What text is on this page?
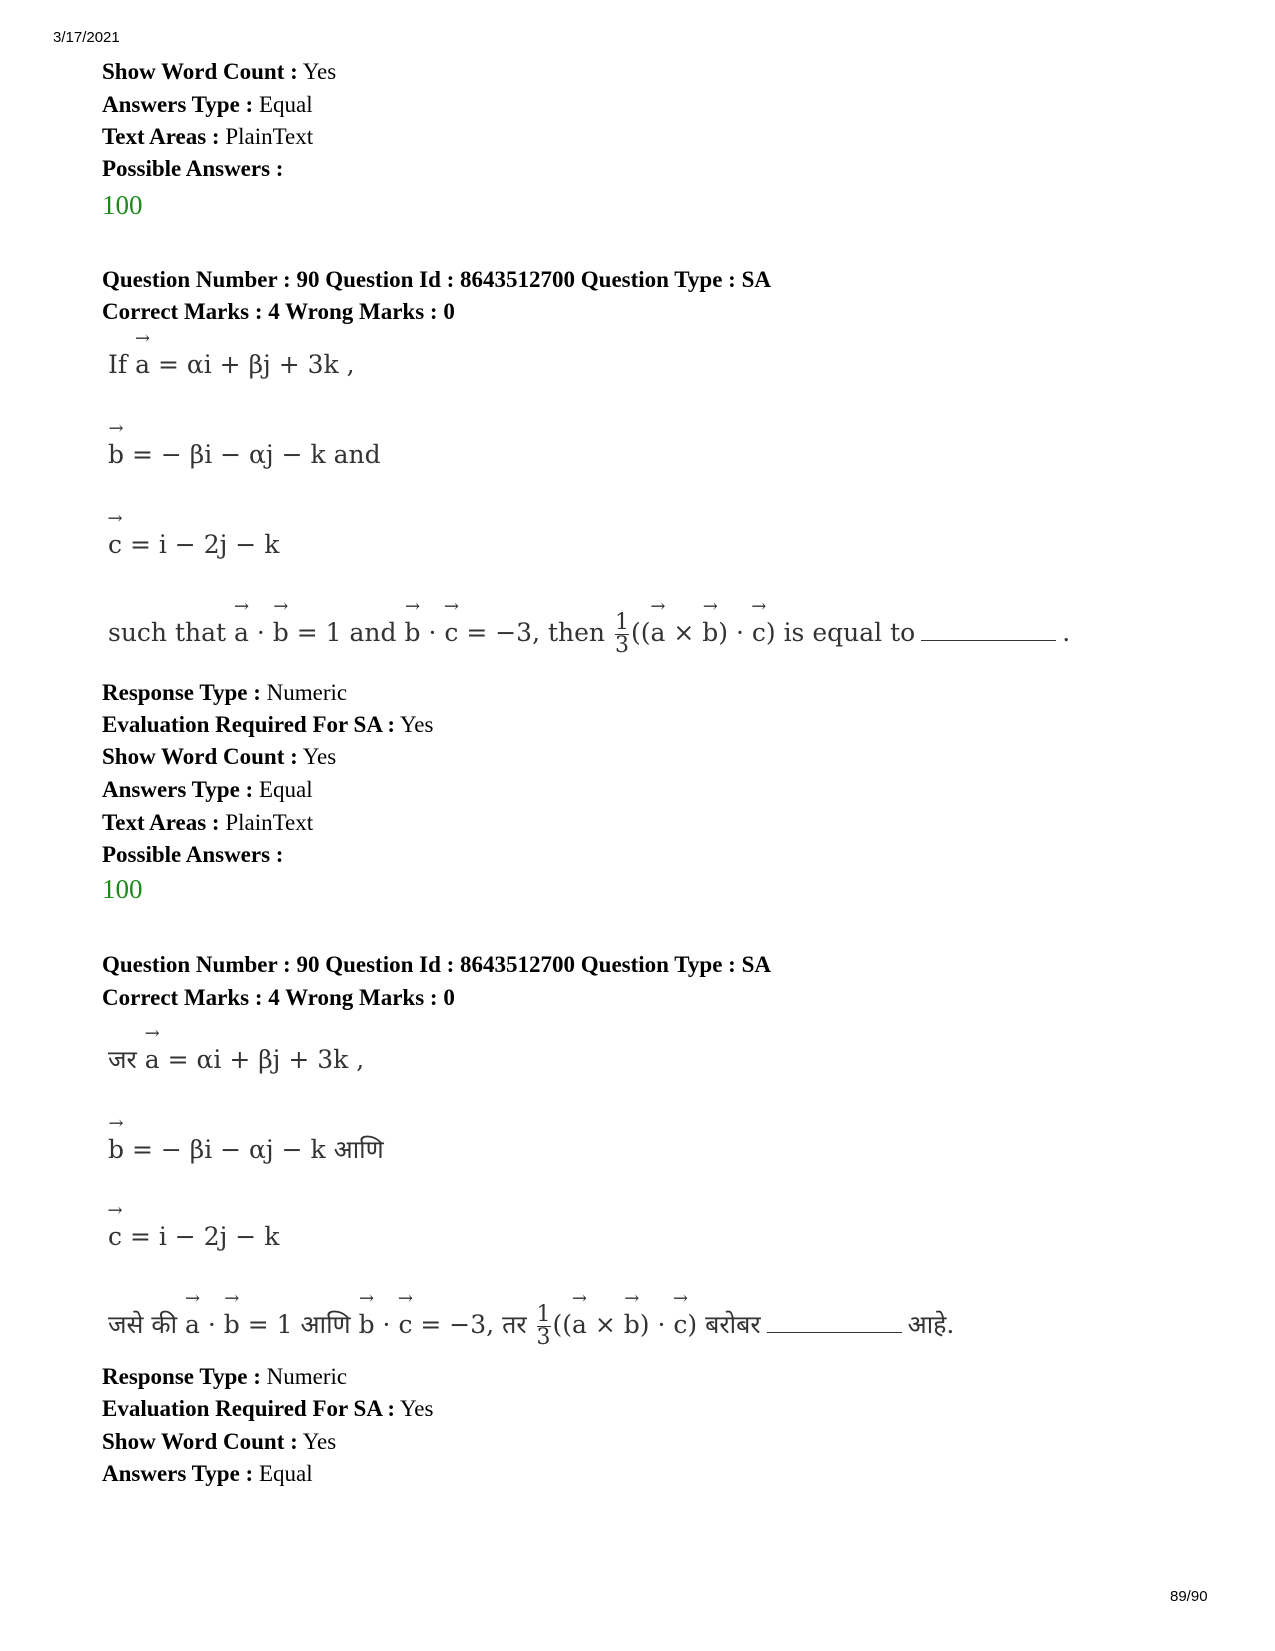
3/17/2021
Show Word Count : Yes
Answers Type : Equal
Text Areas : PlainText
Possible Answers :
100
Question Number : 90 Question Id : 8643512700 Question Type : SA
Correct Marks : 4 Wrong Marks : 0
If → a = αi + βj + 3k ,
→ b = − βi − αj − k and
→ c = i − 2j − k
such that → a · → b = 1 and → b · → c = −3, then $\frac{1}{3}$ ((→ a × → b) · → c) is equal to	.
Response Type : Numeric
Evaluation Required For SA : Yes
Show Word Count : Yes
Answers Type : Equal
Text Areas : PlainText
Possible Answers :
100
Question Number : 90 Question Id : 8643512700 Question Type : SA
Correct Marks : 4 Wrong Marks : 0
जर → a = αi + βj + 3k ,
→ b = − βi − αj − k आणि
→ c = i − 2j − k
जसे की → a · → b = 1 आणि → b · → c = −3, तर $\frac{1}{3}$ ((→ a × → b) · → c) बरोबर	आहे.
Response Type : Numeric
Evaluation Required For SA : Yes
Show Word Count : Yes
Answers Type : Equal
89/90
